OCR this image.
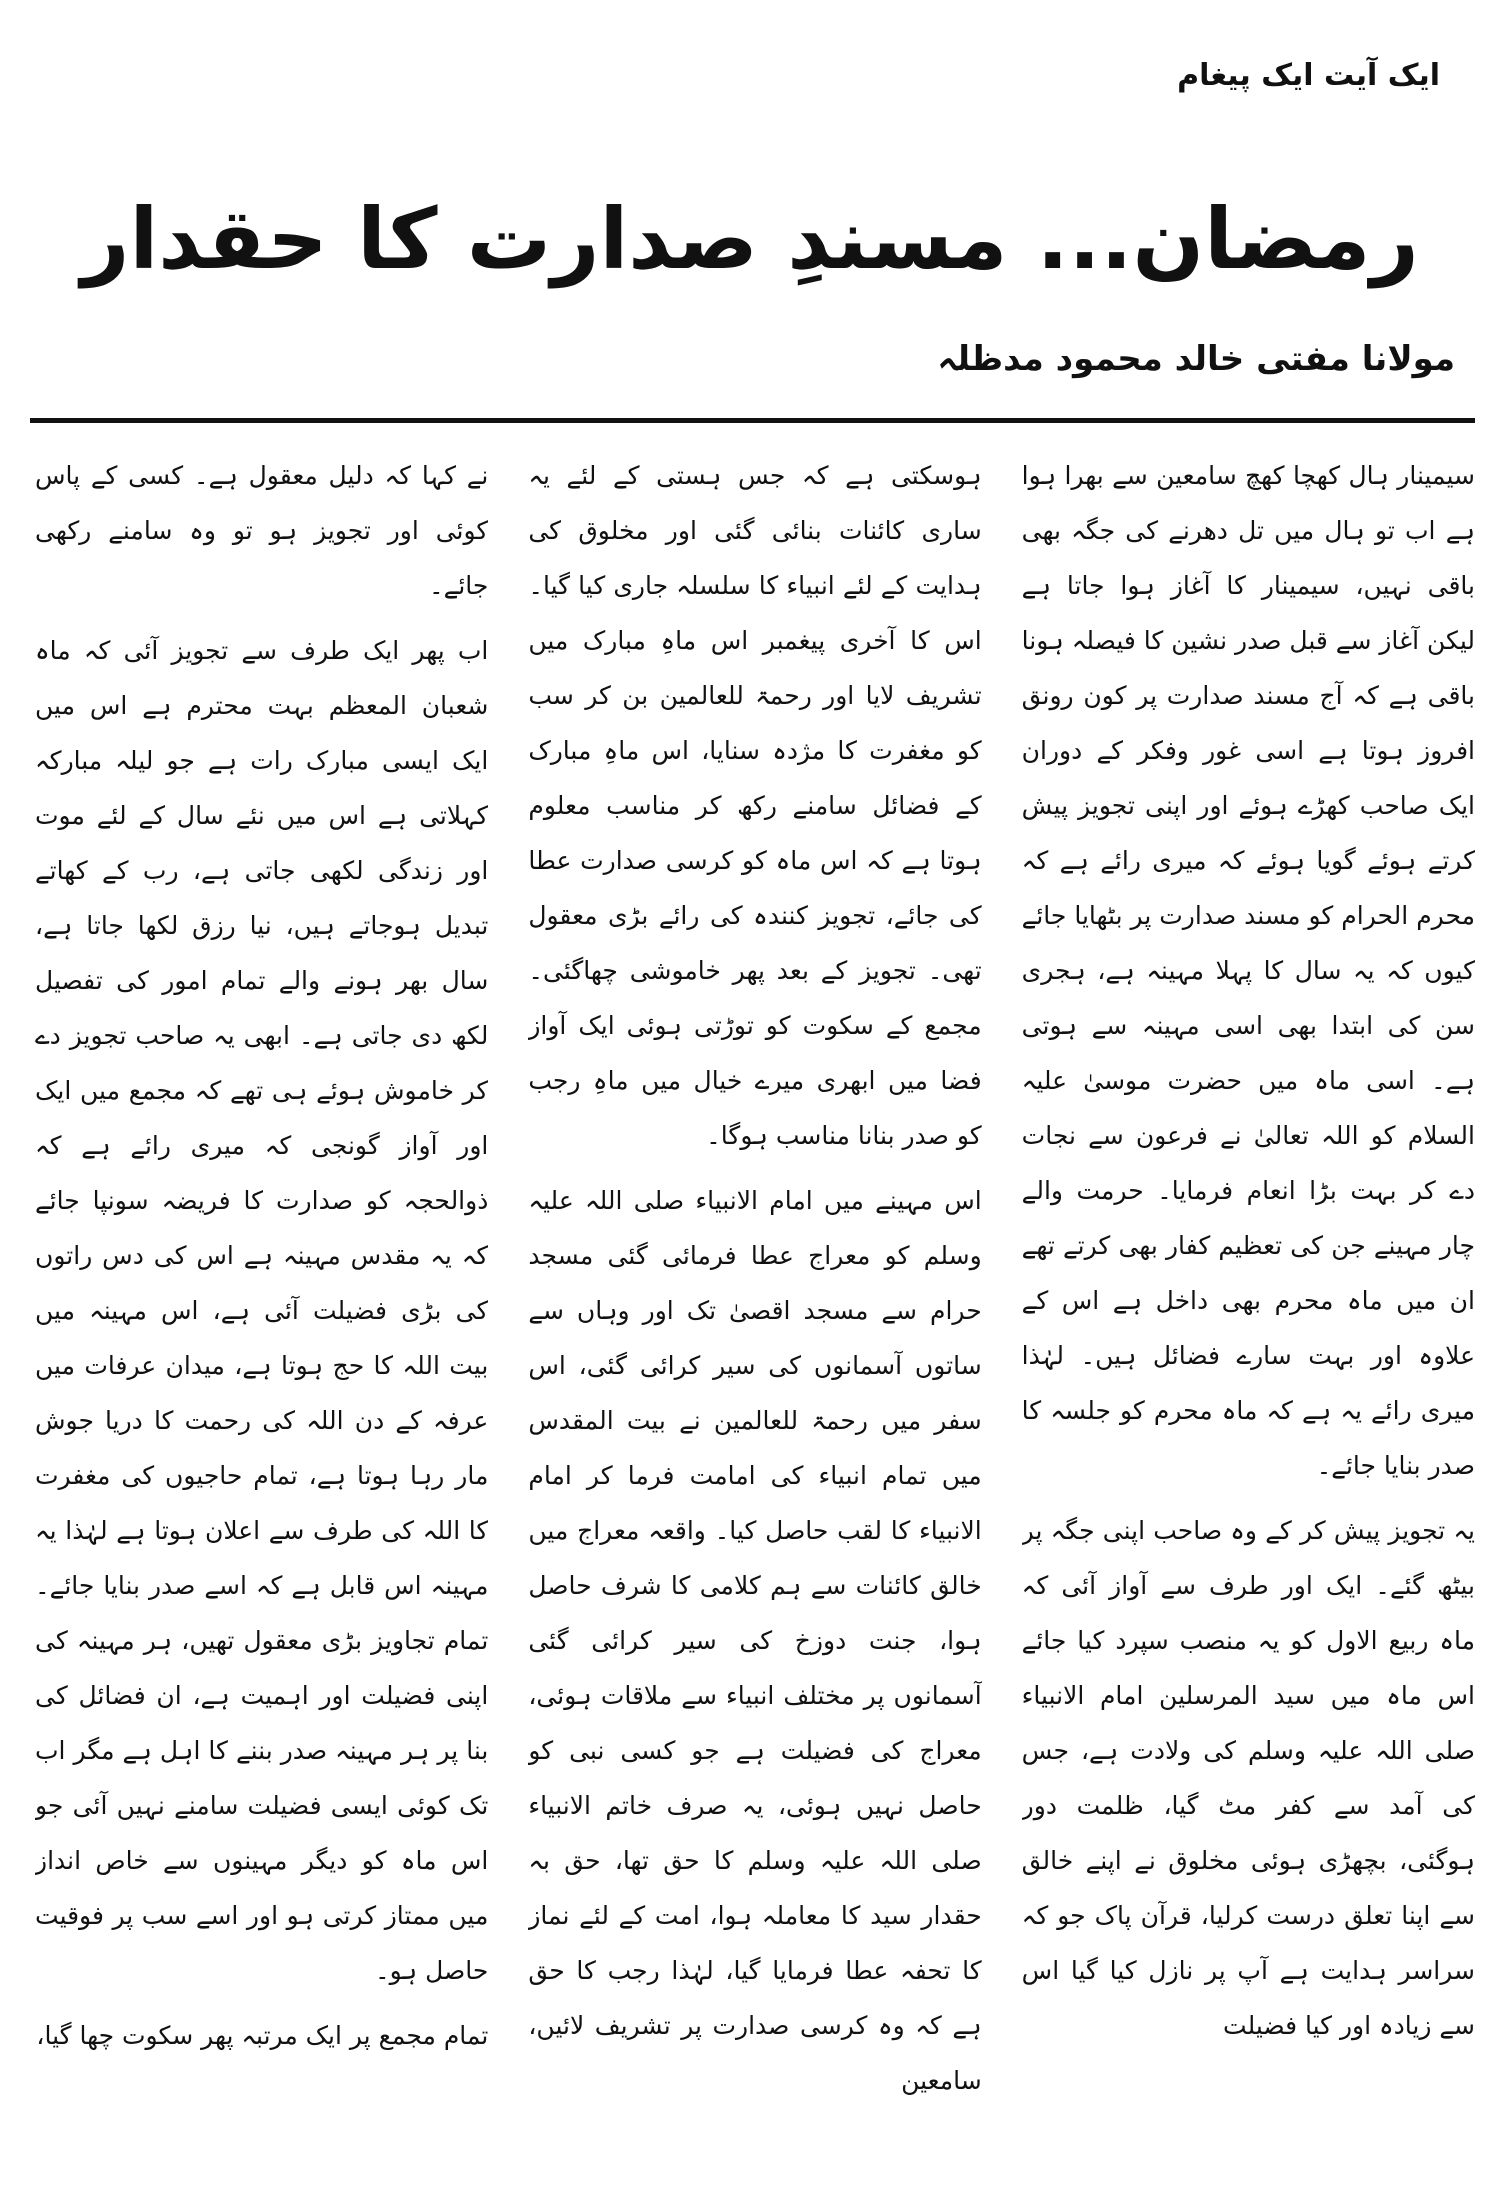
ایک آیت ایک پیغام
رمضان... مسندِ صدارت کا حقدار
مولانا مفتی خالد محمود مدظلہ

سیمینار ہال کھچا کھچ سامعین سے بھرا ہوا ہے اب تو ہال میں تل دھرنے کی جگہ بھی باقی نہیں، سیمینار کا آغاز ہوا جاتا ہے لیکن آغاز سے قبل صدر نشین کا فیصلہ ہونا باقی ہے کہ آج مسند صدارت پر کون رونق افروز ہوتا ہے اسی غور وفکر کے دوران ایک صاحب کھڑے ہوئے اور اپنی تجویز پیش کرتے ہوئے گویا ہوئے کہ میری رائے ہے کہ محرم الحرام کو مسند صدارت پر بٹھایا جائے کیوں کہ یہ سال کا پہلا مہینہ ہے، ہجری سن کی ابتدا بھی اسی مہینہ سے ہوتی ہے۔ اسی ماہ میں حضرت موسیٰ علیہ السلام کو اللہ تعالیٰ نے فرعون سے نجات دے کر بہت بڑا انعام فرمایا۔ حرمت والے چار مہینے جن کی تعظیم کفار بھی کرتے تھے ان میں ماہ محرم بھی داخل ہے اس کے علاوہ اور بہت سارے فضائل ہیں۔ لہٰذا میری رائے یہ ہے کہ ماہ محرم کو جلسہ کا صدر بنایا جائے۔

یہ تجویز پیش کر کے وہ صاحب اپنی جگہ پر بیٹھ گئے۔ ایک اور طرف سے آواز آئی کہ ماہ ربیع الاول کو یہ منصب سپرد کیا جائے اس ماہ میں سید المرسلین امام الانبیاء صلی اللہ علیہ وسلم کی ولادت ہے، جس کی آمد سے کفر مٹ گیا، ظلمت دور ہوگئی، بچھڑی ہوئی مخلوق نے اپنے خالق سے اپنا تعلق درست کرلیا، قرآن پاک جو کہ سراسر ہدایت ہے آپ پر نازل کیا گیا اس سے زیادہ اور کیا فضیلت

ہوسکتی ہے کہ جس ہستی کے لئے یہ ساری کائنات بنائی گئی اور مخلوق کی ہدایت کے لئے انبیاء کا سلسلہ جاری کیا گیا۔ اس کا آخری پیغمبر اس ماہِ مبارک میں تشریف لایا اور رحمۃ للعالمین بن کر سب کو مغفرت کا مژدہ سنایا، اس ماہِ مبارک کے فضائل سامنے رکھ کر مناسب معلوم ہوتا ہے کہ اس ماہ کو کرسی صدارت عطا کی جائے، تجویز کنندہ کی رائے بڑی معقول تھی۔ تجویز کے بعد پھر خاموشی چھاگئی۔ مجمع کے سکوت کو توڑتی ہوئی ایک آواز فضا میں ابھری میرے خیال میں ماہِ رجب کو صدر بنانا مناسب ہوگا۔

اس مہینے میں امام الانبیاء صلی اللہ علیہ وسلم کو معراج عطا فرمائی گئی مسجد حرام سے مسجد اقصیٰ تک اور وہاں سے ساتوں آسمانوں کی سیر کرائی گئی، اس سفر میں رحمۃ للعالمین نے بیت المقدس میں تمام انبیاء کی امامت فرما کر امام الانبیاء کا لقب حاصل کیا۔ واقعہ معراج میں خالق کائنات سے ہم کلامی کا شرف حاصل ہوا، جنت دوزخ کی سیر کرائی گئی آسمانوں پر مختلف انبیاء سے ملاقات ہوئی، معراج کی فضیلت ہے جو کسی نبی کو حاصل نہیں ہوئی، یہ صرف خاتم الانبیاء صلی اللہ علیہ وسلم کا حق تھا، حق بہ حقدار سید کا معاملہ ہوا، امت کے لئے نماز کا تحفہ عطا فرمایا گیا، لہٰذا رجب کا حق ہے کہ وہ کرسی صدارت پر تشریف لائیں، سامعین

نے کہا کہ دلیل معقول ہے۔ کسی کے پاس کوئی اور تجویز ہو تو وہ سامنے رکھی جائے۔

اب پھر ایک طرف سے تجویز آئی کہ ماہ شعبان المعظم بہت محترم ہے اس میں ایک ایسی مبارک رات ہے جو لیلہ مبارکہ کہلاتی ہے اس میں نئے سال کے لئے موت اور زندگی لکھی جاتی ہے، رب کے کھاتے تبدیل ہوجاتے ہیں، نیا رزق لکھا جاتا ہے، سال بھر ہونے والے تمام امور کی تفصیل لکھ دی جاتی ہے۔ ابھی یہ صاحب تجویز دے کر خاموش ہوئے ہی تھے کہ مجمع میں ایک اور آواز گونجی کہ میری رائے ہے کہ ذوالحجہ کو صدارت کا فریضہ سونپا جائے کہ یہ مقدس مہینہ ہے اس کی دس راتوں کی بڑی فضیلت آئی ہے، اس مہینہ میں بیت اللہ کا حج ہوتا ہے، میدان عرفات میں عرفہ کے دن اللہ کی رحمت کا دریا جوش مار رہا ہوتا ہے، تمام حاجیوں کی مغفرت کا اللہ کی طرف سے اعلان ہوتا ہے لہٰذا یہ مہینہ اس قابل ہے کہ اسے صدر بنایا جائے۔ تمام تجاویز بڑی معقول تھیں، ہر مہینہ کی اپنی فضیلت اور اہمیت ہے، ان فضائل کی بنا پر ہر مہینہ صدر بننے کا اہل ہے مگر اب تک کوئی ایسی فضیلت سامنے نہیں آئی جو اس ماہ کو دیگر مہینوں سے خاص انداز میں ممتاز کرتی ہو اور اسے سب پر فوقیت حاصل ہو۔

تمام مجمع پر ایک مرتبہ پھر سکوت چھا گیا،
